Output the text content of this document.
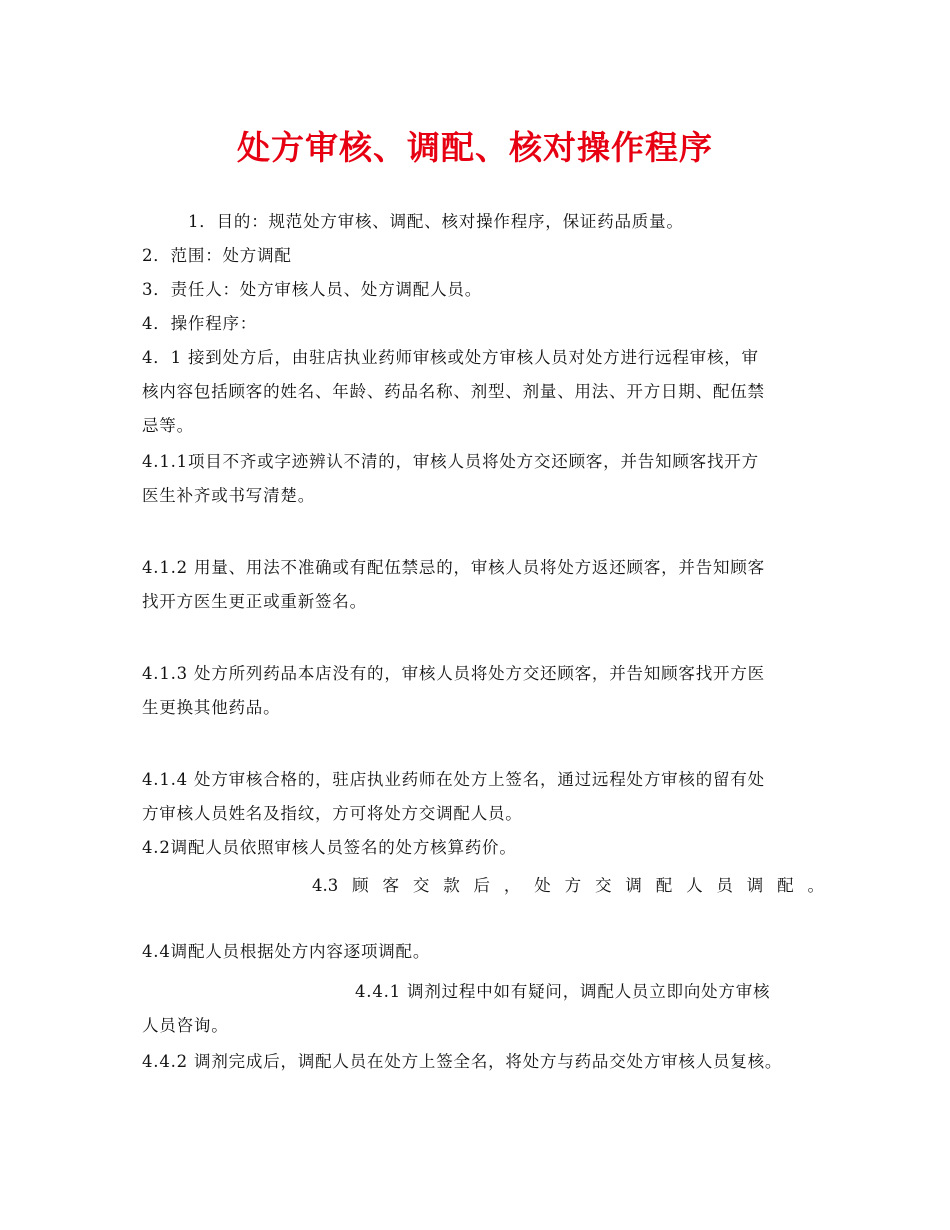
处方审核、调配、核对操作程序
1．目的：规范处方审核、调配、核对操作程序，保证药品质量。
2．范围：处方调配
3．责任人：处方审核人员、处方调配人员。
4．操作程序：
4．1 接到处方后，由驻店执业药师审核或处方审核人员对处方进行远程审核，审
核内容包括顾客的姓名、年龄、药品名称、剂型、剂量、用法、开方日期、配伍禁
忌等。
4.1.1项目不齐或字迹辨认不清的，审核人员将处方交还顾客，并告知顾客找开方
医生补齐或书写清楚。
4.1.2 用量、用法不准确或有配伍禁忌的，审核人员将处方返还顾客，并告知顾客
找开方医生更正或重新签名。
4.1.3 处方所列药品本店没有的，审核人员将处方交还顾客，并告知顾客找开方医
生更换其他药品。
4.1.4 处方审核合格的，驻店执业药师在处方上签名，通过远程处方审核的留有处
方审核人员姓名及指纹，方可将处方交调配人员。
4.2调配人员依照审核人员签名的处方核算药价。
4.3 顾 客 交 款 后 ， 处 方 交 调 配 人 员 调 配 。
4.4调配人员根据处方内容逐项调配。
4.4.1 调剂过程中如有疑问，调配人员立即向处方审核
人员咨询。
4.4.2 调剂完成后，调配人员在处方上签全名，将处方与药品交处方审核人员复核。
